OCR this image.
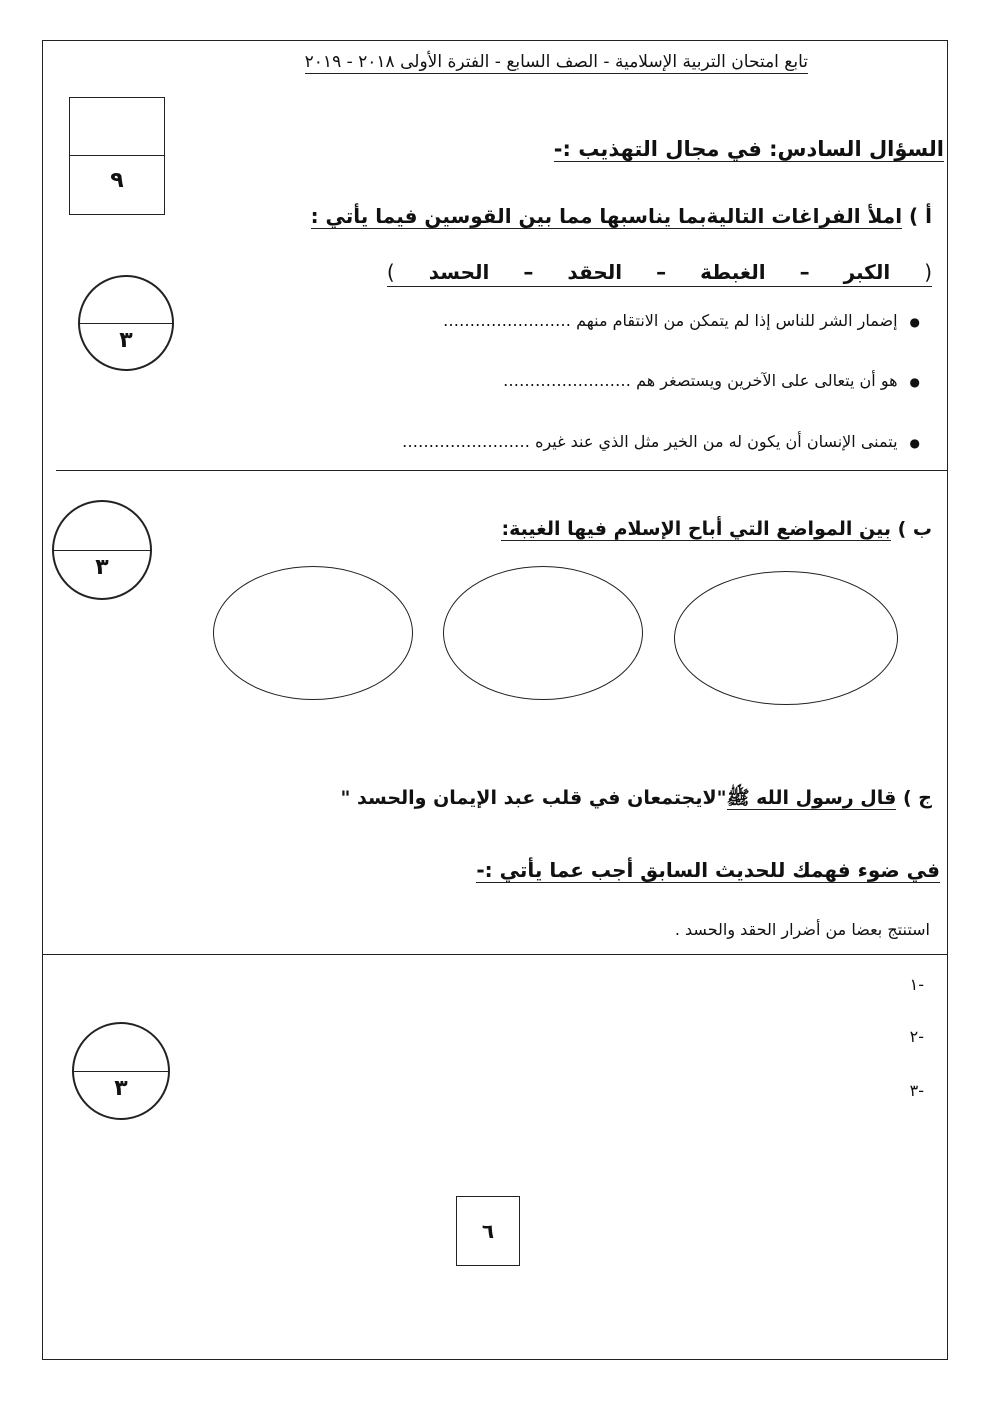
تابع امتحان التربية الإسلامية - الصف السابع - الفترة الأولى ٢٠١٨ - ٢٠١٩
٩
السؤال السادس: في مجال التهذيب :-
أ ) املأ الفراغات التاليةبما يناسبها مما بين القوسين فيما يأتي :
(
الكبر
–
الغبطة
–
الحقد
–
الحسد
)
٣
●إضمار الشر للناس إذا لم يتمكن من الانتقام منهم ……………………
●هو أن يتعالى على الآخرين ويستصغر هم ……………………
●يتمنى الإنسان أن يكون له من الخير مثل الذي عند غيره ……………………
٣
ب ) بين المواضع التي أباح الإسلام فيها الغيبة:
ج ) قال رسول الله ﷺ"لايجتمعان في قلب عبد الإيمان والحسد "
في ضوء فهمك للحديث السابق أجب عما يأتي :-
استنتج بعضا من أضرار الحقد والحسد .
٣
-١
-٢
-٣
٦
